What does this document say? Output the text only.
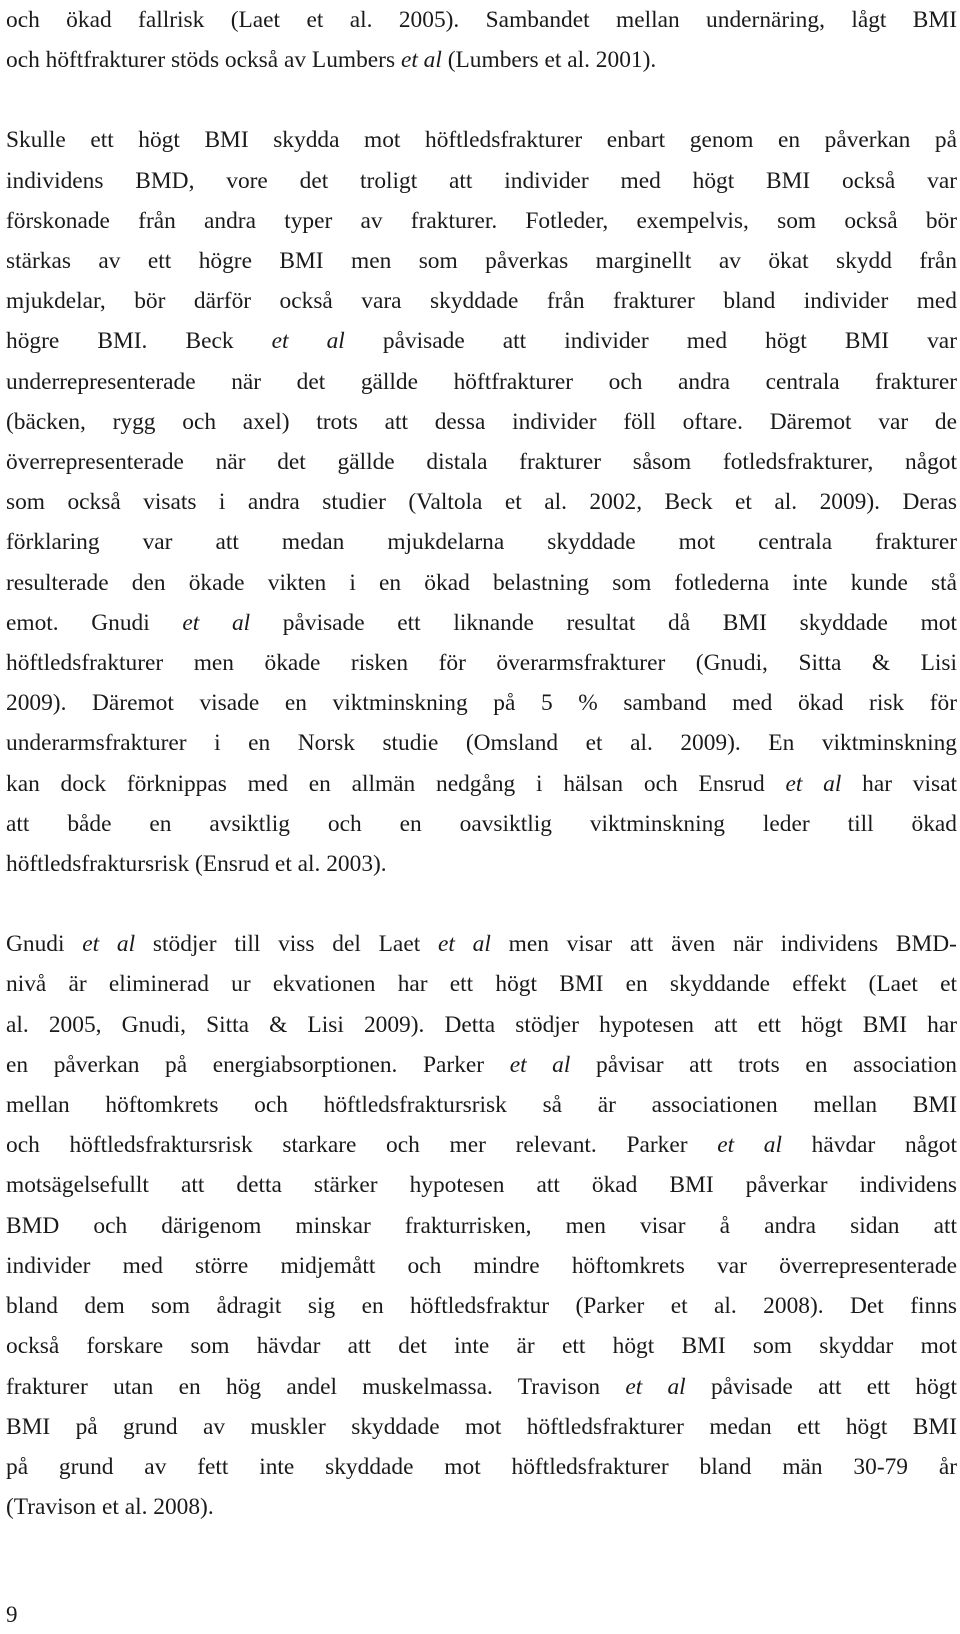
och ökad fallrisk (Laet et al. 2005). Sambandet mellan undernäring, lågt BMI
och höftfrakturer stöds också av Lumbers et al (Lumbers et al. 2001).

Skulle ett högt BMI skydda mot höftledsfrakturer enbart genom en påverkan på
individens BMD, vore det troligt att individer med högt BMI också var
förskonade från andra typer av frakturer. Fotleder, exempelvis, som också bör
stärkas av ett högre BMI men som påverkas marginellt av ökat skydd från
mjukdelar, bör därför också vara skyddade från frakturer bland individer med
högre BMI. Beck et al påvisade att individer med högt BMI var
underrepresenterade när det gällde höftfrakturer och andra centrala frakturer
(bäcken, rygg och axel) trots att dessa individer föll oftare. Däremot var de
överrepresenterade när det gällde distala frakturer såsom fotledsfrakturer, något
som också visats i andra studier (Valtola et al. 2002, Beck et al. 2009). Deras
förklaring var att medan mjukdelarna skyddade mot centrala frakturer
resulterade den ökade vikten i en ökad belastning som fotlederna inte kunde stå
emot. Gnudi et al påvisade ett liknande resultat då BMI skyddade mot
höftledsfrakturer men ökade risken för överarmsfrakturer (Gnudi, Sitta & Lisi
2009). Däremot visade en viktminskning på 5 % samband med ökad risk för
underarmsfrakturer i en Norsk studie (Omsland et al. 2009). En viktminskning
kan dock förknippas med en allmän nedgång i hälsan och Ensrud et al har visat
att både en avsiktlig och en oavsiktlig viktminskning leder till ökad
höftledsfraktursrisk (Ensrud et al. 2003).

Gnudi et al stödjer till viss del Laet et al men visar att även när individens BMD-
nivå är eliminerad ur ekvationen har ett högt BMI en skyddande effekt (Laet et
al. 2005, Gnudi, Sitta & Lisi 2009). Detta stödjer hypotesen att ett högt BMI har
en påverkan på energiabsorptionen. Parker et al påvisar att trots en association
mellan höftomkrets och höftledsfraktursrisk så är associationen mellan BMI
och höftledsfraktursrisk starkare och mer relevant. Parker et al hävdar något
motsägelsefullt att detta stärker hypotesen att ökad BMI påverkar individens
BMD och därigenom minskar frakturrisken, men visar å andra sidan att
individer med större midjemått och mindre höftomkrets var överrepresenterade
bland dem som ådragit sig en höftledsfraktur (Parker et al. 2008). Det finns
också forskare som hävdar att det inte är ett högt BMI som skyddar mot
frakturer utan en hög andel muskelmassa. Travison et al påvisade att ett högt
BMI på grund av muskler skyddade mot höftledsfrakturer medan ett högt BMI
på grund av fett inte skyddade mot höftledsfrakturer bland män 30-79 år
(Travison et al. 2008).

9
